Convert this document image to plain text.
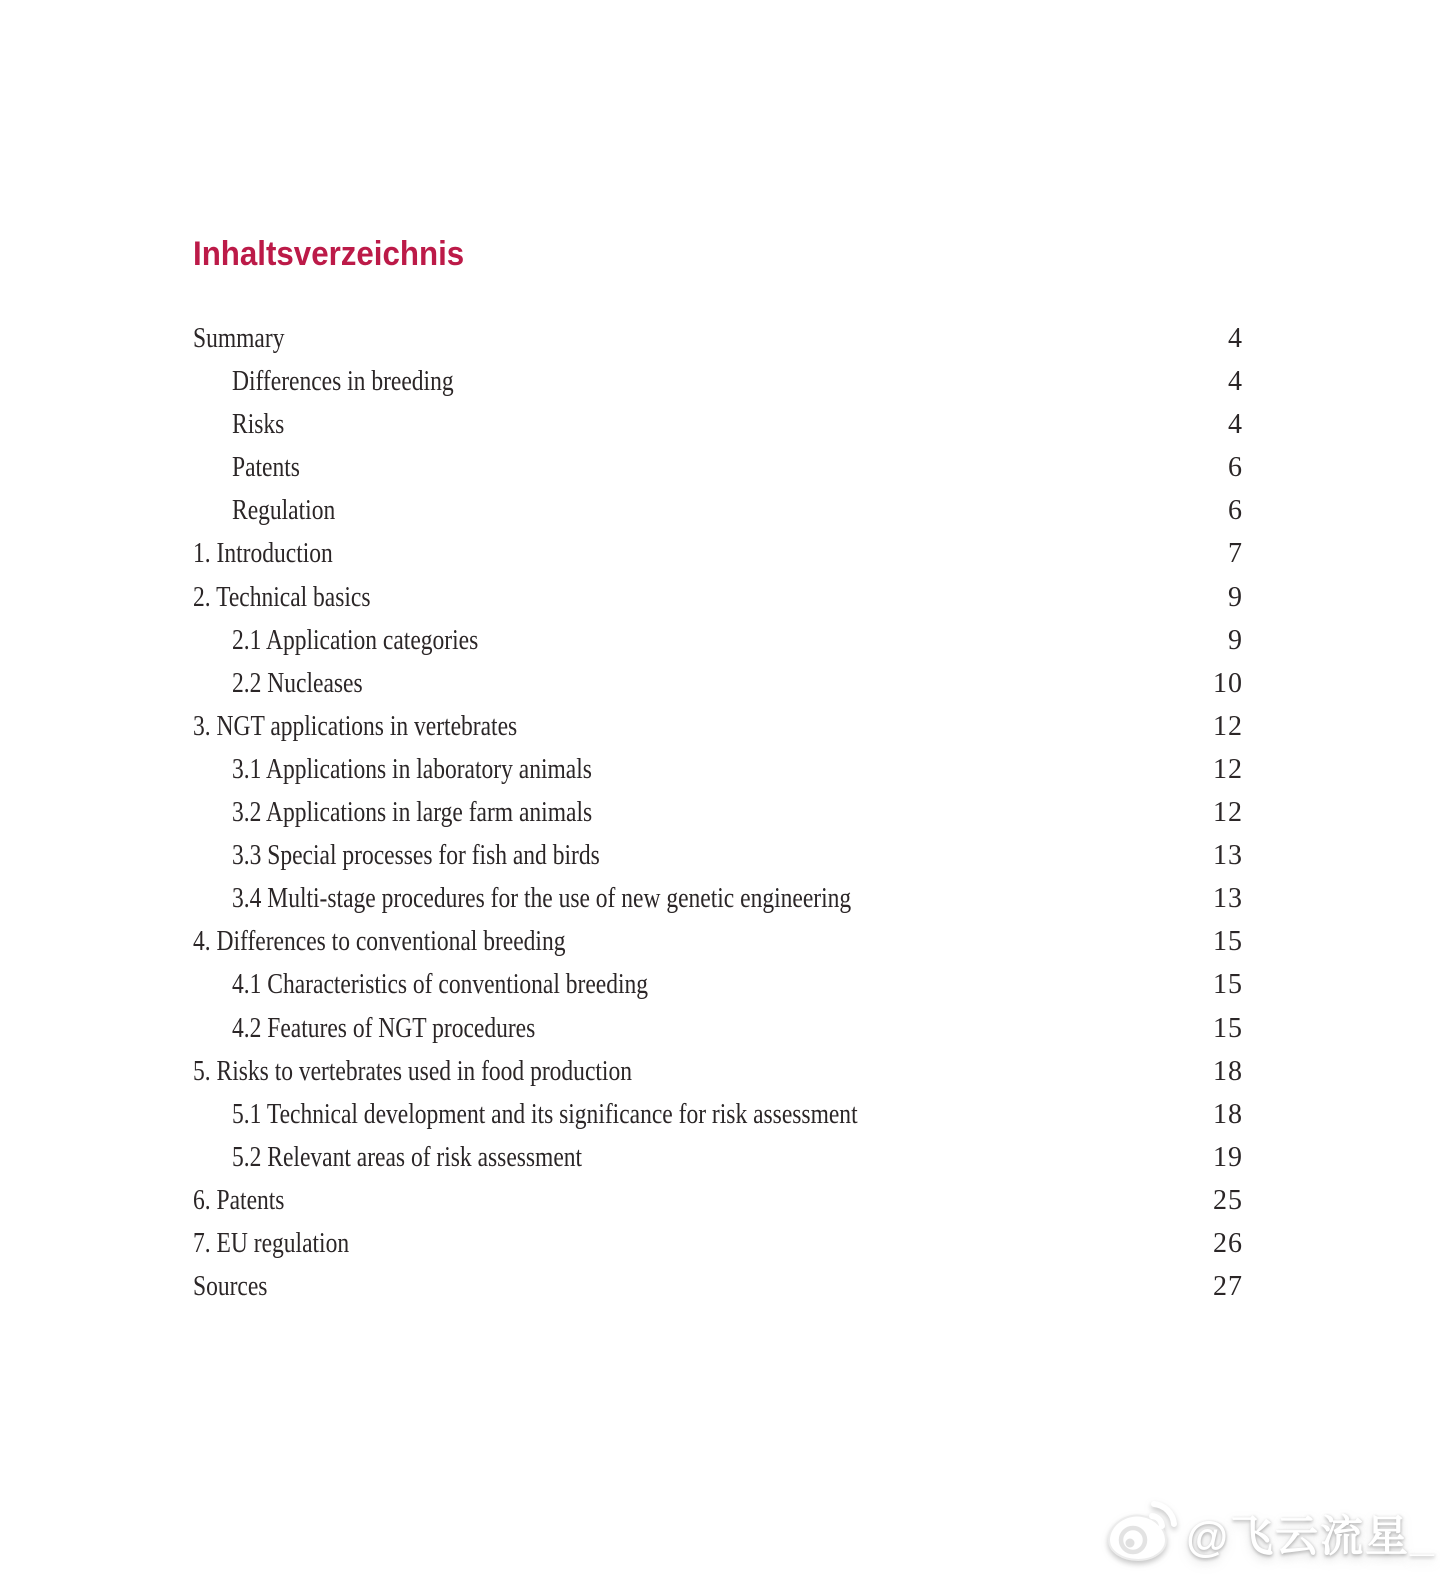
Inhaltsverzeichnis
Summary	4
Differences in breeding	4
Risks	4
Patents	6
Regulation	6
1. Introduction	7
2. Technical basics	9
2.1 Application categories	9
2.2 Nucleases	10
3. NGT applications in vertebrates	12
3.1 Applications in laboratory animals	12
3.2 Applications in large farm animals	12
3.3 Special processes for fish and birds	13
3.4 Multi-stage procedures for the use of new genetic engineering	13
4. Differences to conventional breeding	15
4.1 Characteristics of conventional breeding	15
4.2 Features of NGT procedures	15
5. Risks to vertebrates used in food production	18
5.1 Technical development and its significance for risk assessment	18
5.2 Relevant areas of risk assessment	19
6. Patents	25
7. EU regulation	26
Sources	27
@飞云流星_
